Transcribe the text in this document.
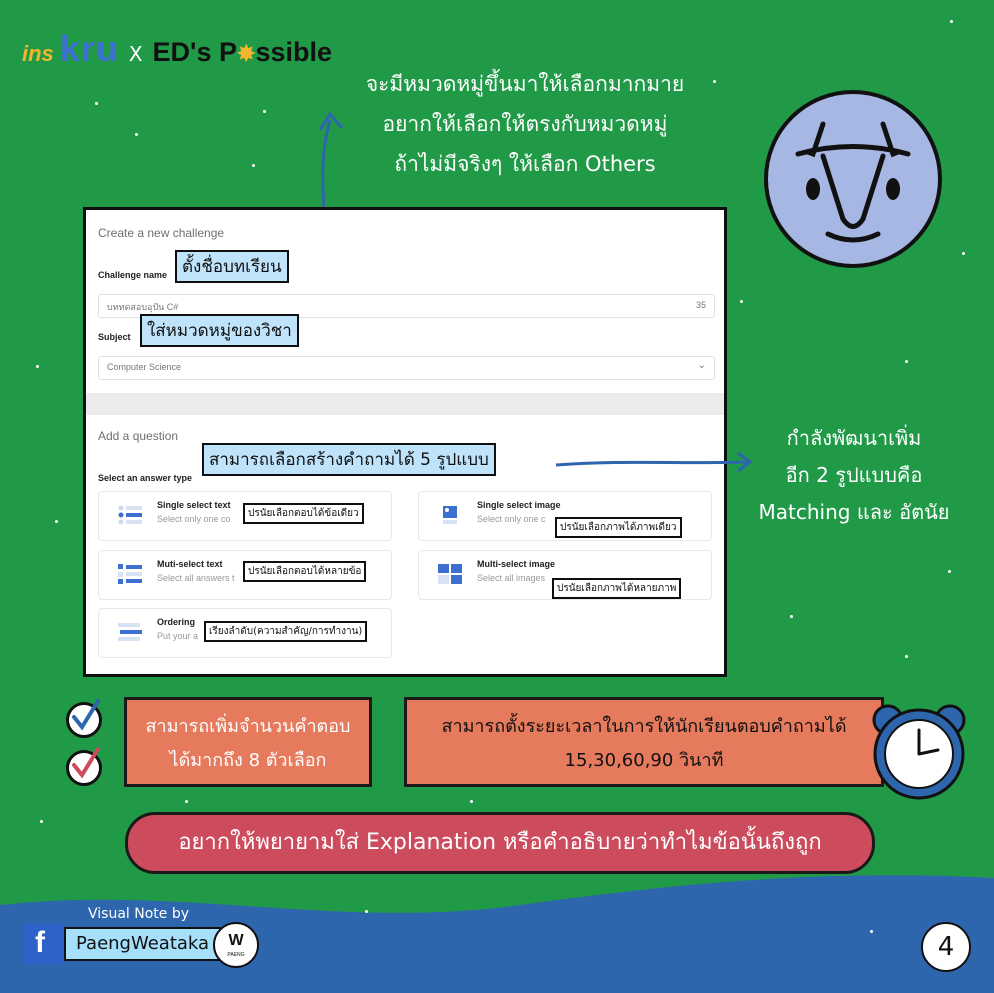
ins kru X ED's P✸ssible
จะมีหมวดหมู่ขึ้นมาให้เลือกมากมาย
อยากให้เลือกให้ตรงกับหมวดหมู่
ถ้าไม่มีจริงๆ ให้เลือก Others
Create a new challenge
Challenge name
บททดสอบอุปัน C#	35
Subject
Computer Science	⌄
Add a question
Select an answer type
Single select text
Select only one co
Single select image
Select only one c
Muti-select text
Select all answers t
Multi-select image
Select all images
Ordering
Put your a
ตั้งชื่อบทเรียน
ใส่หมวดหมู่ของวิชา
สามารถเลือกสร้างคำถามได้ 5 รูปแบบ
ปรนัยเลือกตอบได้ข้อเดียว
ปรนัยเลือกภาพได้ภาพเดียว
ปรนัยเลือกตอบได้หลายข้อ
ปรนัยเลือกภาพได้หลายภาพ
เรียงลำดับ(ความสำคัญ/การทำงาน)
กำลังพัฒนาเพิ่ม
อีก 2 รูปแบบคือ
Matching และ อัตนัย
สามารถเพิ่มจำนวนคำตอบ
ได้มากถึง 8 ตัวเลือก
สามารถตั้งระยะเวลาในการให้นักเรียนตอบคำถามได้
15,30,60,90 วินาที
อยากให้พยายามใส่ Explanation หรือคำอธิบายว่าทำไมข้อนั้นถึงถูก
Visual Note by
f	PaengWeataka	W
PAENG	4
